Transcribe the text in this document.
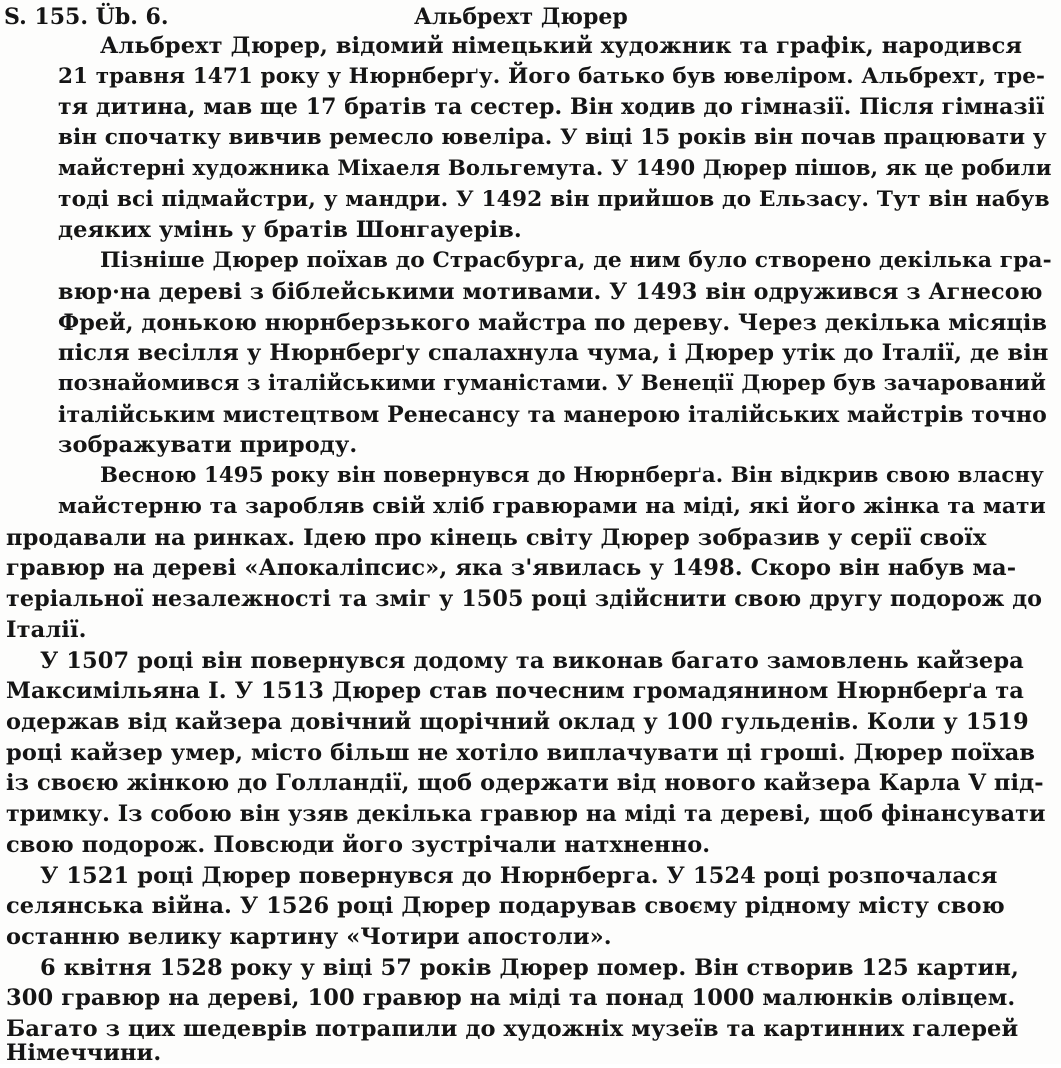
S. 155. Üb. 6.	Альбрехт Дюрер
Альбрехт Дюрер, відомий німецький художник та графік, народився
21 травня 1471 року у Нюрнберґу. Його батько був ювеліром. Альбрехт, тре-
тя дитина, мав ще 17 братів та сестер. Він ходив до гімназії. Після гімназії
він спочатку вивчив ремесло ювеліра. У віці 15 років він почав працювати у
майстерні художника Міхаеля Вольгемута. У 1490 Дюрер пішов, як це робили
тоді всі підмайстри, у мандри. У 1492 він прийшов до Ельзасу. Тут він набув
деяких умінь у братів Шонгауерів.
Пізніше Дюрер поїхав до Страсбурга, де ним було створено декілька гра-
вюр·на дереві з біблейськими мотивами. У 1493 він одружився з Агнесою
Фрей, донькою нюрнберзького майстра по дереву. Через декілька місяців
після весілля у Нюрнберґу спалахнула чума, і Дюрер утік до Італії, де він
познайомився з італійськими гуманістами. У Венеції Дюрер був зачарований
італійським мистецтвом Ренесансу та манерою італійських майстрів точно
зображувати природу.
Весною 1495 року він повернувся до Нюрнберґа. Він відкрив свою власну
майстерню та заробляв свій хліб гравюрами на міді, які його жінка та мати
продавали на ринках. Ідею про кінець світу Дюрер зобразив у серії своїх
гравюр на дереві «Апокаліпсис», яка з'явилась у 1498. Скоро він набув ма-
теріальної незалежності та зміг у 1505 році здійснити свою другу подорож до
Італії.
У 1507 році він повернувся додому та виконав багато замовлень кайзера
Максимільяна І. У 1513 Дюрер став почесним громадянином Нюрнберґа та
одержав від кайзера довічний щорічний оклад у 100 гульденів. Коли у 1519
році кайзер умер, місто більш не хотіло виплачувати ці гроші. Дюрер поїхав
із своєю жінкою до Голландії, щоб одержати від нового кайзера Карла V під-
тримку. Із собою він узяв декілька гравюр на міді та дереві, щоб фінансувати
свою подорож. Повсюди його зустрічали натхненно.
У 1521 році Дюрер повернувся до Нюрнберга. У 1524 році розпочалася
селянська війна. У 1526 році Дюрер подарував своєму рідному місту свою
останню велику картину «Чотири апостоли».
6 квітня 1528 року у віці 57 років Дюрер помер. Він створив 125 картин,
300 гравюр на дереві, 100 гравюр на міді та понад 1000 малюнків олівцем.
Багато з цих шедеврів потрапили до художніх музеїв та картинних галерей
Німеччини.
